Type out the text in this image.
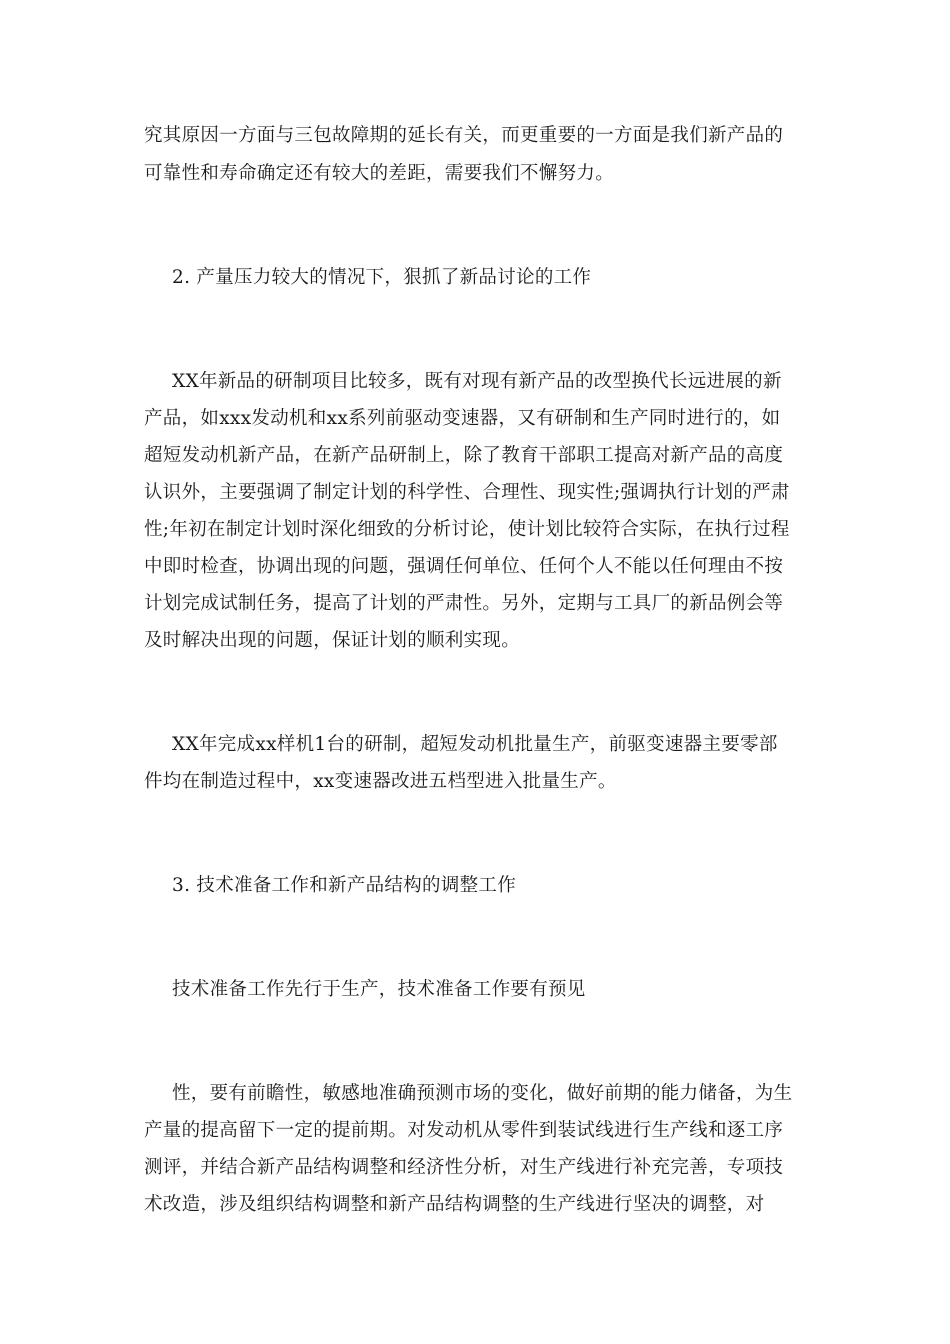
究其原因一方面与三包故障期的延长有关，而更重要的一方面是我们新产品的
可靠性和寿命确定还有较大的差距，需要我们不懈努力。
2. 产量压力较大的情况下，狠抓了新品讨论的工作
XX年新品的研制项目比较多，既有对现有新产品的改型换代长远进展的新
产品，如xxx发动机和xx系列前驱动变速器，又有研制和生产同时进行的，如
超短发动机新产品，在新产品研制上，除了教育干部职工提高对新产品的高度
认识外，主要强调了制定计划的科学性、合理性、现实性;强调执行计划的严肃
性;年初在制定计划时深化细致的分析讨论，使计划比较符合实际，在执行过程
中即时检查，协调出现的问题，强调任何单位、任何个人不能以任何理由不按
计划完成试制任务，提高了计划的严肃性。另外，定期与工具厂的新品例会等
及时解决出现的问题，保证计划的顺利实现。
XX年完成xx样机1台的研制，超短发动机批量生产，前驱变速器主要零部
件均在制造过程中，xx变速器改进五档型进入批量生产。
3. 技术准备工作和新产品结构的调整工作
技术准备工作先行于生产，技术准备工作要有预见
性，要有前瞻性，敏感地准确预测市场的变化，做好前期的能力储备，为生
产量的提高留下一定的提前期。对发动机从零件到装试线进行生产线和逐工序
测评，并结合新产品结构调整和经济性分析，对生产线进行补充完善，专项技
术改造，涉及组织结构调整和新产品结构调整的生产线进行坚决的调整，对
